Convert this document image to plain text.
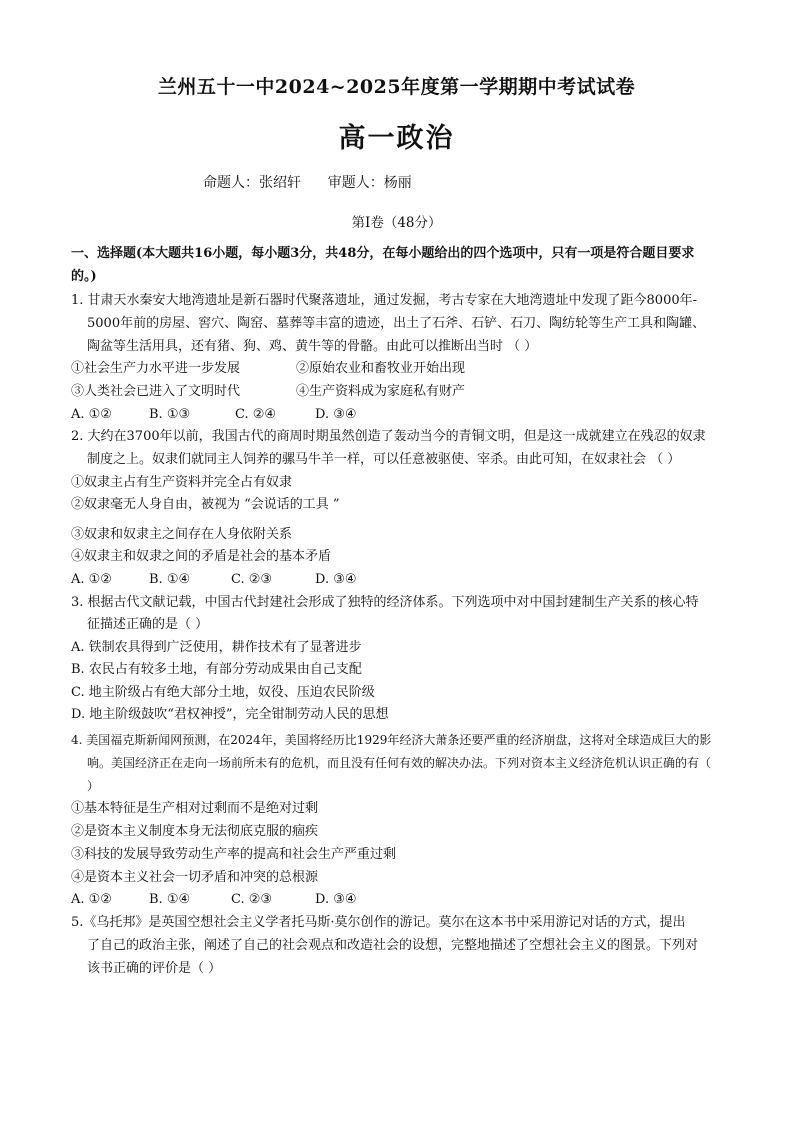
兰州五十一中2024~2025年度第一学期期中考试试卷
高一政治
命题人：张绍轩      审题人：杨丽
第Ⅰ卷（48分）
一、选择题(本大题共16小题，每小题3分，共48分，在每小题给出的四个选项中，只有一项是符合题目要求
的。)
1. 甘肃天水秦安大地湾遗址是新石器时代聚落遗址，通过发掘，考古专家在大地湾遗址中发现了距今8000年-
5000年前的房屋、窖穴、陶窑、墓葬等丰富的遗迹，出土了石斧、石铲、石刀、陶纺轮等生产工具和陶罐、
陶盆等生活用具，还有猪、狗、鸡、黄牛等的骨骼。由此可以推断出当时 （ ）
①社会生产力水平进一步发展	②原始农业和畜牧业开始出现
③人类社会已进入了文明时代	④生产资料成为家庭私有财产
A. ①②	B. ①③	C. ②④	D. ③④
2. 大约在3700年以前，我国古代的商周时期虽然创造了轰动当今的青铜文明，但是这一成就建立在残忍的奴隶
制度之上。奴隶们就同主人饲养的骡马牛羊一样，可以任意被驱使、宰杀。由此可知，在奴隶社会 （ ）
①奴隶主占有生产资料并完全占有奴隶
②奴隶毫无人身自由，被视为 “会说话的工具 ”
③奴隶和奴隶主之间存在人身依附关系
④奴隶主和奴隶之间的矛盾是社会的基本矛盾
A. ①②	B. ①④	C. ②③	D. ③④
3. 根据古代文献记载，中国古代封建社会形成了独特的经济体系。下列选项中对中国封建制生产关系的核心特
征描述正确的是（ ）
A. 铁制农具得到广泛使用，耕作技术有了显著进步
B. 农民占有较多土地，有部分劳动成果由自己支配
C. 地主阶级占有绝大部分土地，奴役、压迫农民阶级
D. 地主阶级鼓吹“君权神授”，完全钳制劳动人民的思想
4. 美国福克斯新闻网预测，在2024年，美国将经历比1929年经济大萧条还要严重的经济崩盘，这将对全球造成巨大的影
响。美国经济正在走向一场前所未有的危机，而且没有任何有效的解决办法。下列对资本主义经济危机认识正确的有（
）
①基本特征是生产相对过剩而不是绝对过剩
②是资本主义制度本身无法彻底克服的痼疾
③科技的发展导致劳动生产率的提高和社会生产严重过剩
④是资本主义社会一切矛盾和冲突的总根源
A. ①②	B. ①④	C. ②③	D. ③④
5.《乌托邦》是英国空想社会主义学者托马斯·莫尔创作的游记。莫尔在这本书中采用游记对话的方式，提出
了自己的政治主张，阐述了自己的社会观点和改造社会的设想，完整地描述了空想社会主义的图景。下列对
该书正确的评价是（ ）
